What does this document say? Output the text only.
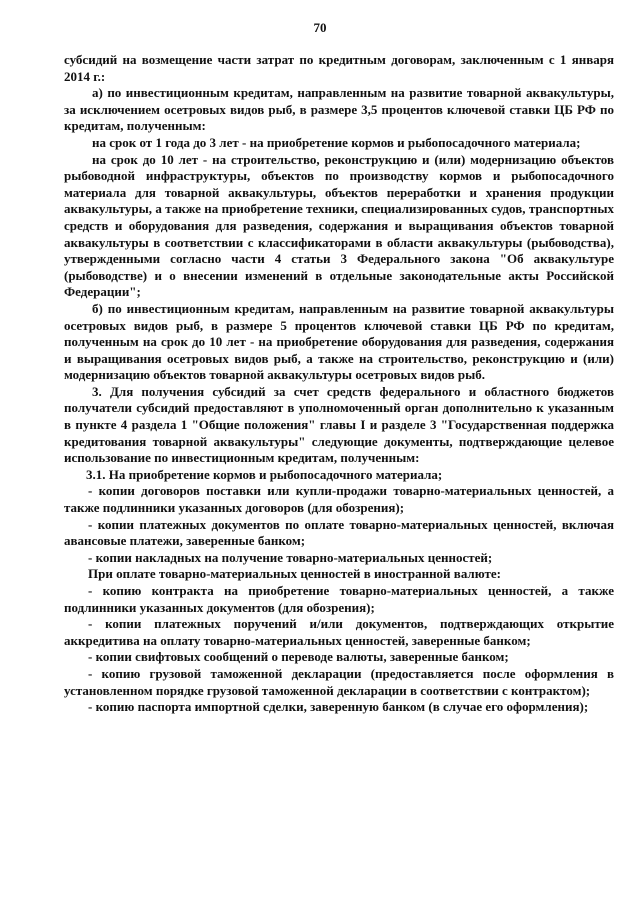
70

субсидий на возмещение части затрат по кредитным договорам, заключенным с 1 января 2014 г.:

а) по инвестиционным кредитам, направленным на развитие товарной аквакультуры, за исключением осетровых видов рыб, в размере 3,5 процентов ключевой ставки ЦБ РФ по кредитам, полученным:

на срок от 1 года до 3 лет - на приобретение кормов и рыбопосадочного материала;

на срок до 10 лет - на строительство, реконструкцию и (или) модернизацию объектов рыбоводной инфраструктуры, объектов по производству кормов и рыбопосадочного материала для товарной аквакультуры, объектов переработки и хранения продукции аквакультуры, а также на приобретение техники, специализированных судов, транспортных средств и оборудования для разведения, содержания и выращивания объектов товарной аквакультуры в соответствии с классификаторами в области аквакультуры (рыбоводства), утвержденными согласно части 4 статьи 3 Федерального закона "Об аквакультуре (рыбоводстве) и о внесении изменений в отдельные законодательные акты Российской Федерации";

б) по инвестиционным кредитам, направленным на развитие товарной аквакультуры осетровых видов рыб, в размере 5 процентов ключевой ставки ЦБ РФ по кредитам, полученным на срок до 10 лет - на приобретение оборудования для разведения, содержания и выращивания осетровых видов рыб, а также на строительство, реконструкцию и (или) модернизацию объектов товарной аквакультуры осетровых видов рыб.

3. Для получения субсидий за счет средств федерального и областного бюджетов получатели субсидий предоставляют в уполномоченный орган дополнительно к указанным в пункте 4 раздела 1 "Общие положения" главы I и разделе 3 "Государственная поддержка кредитования товарной аквакультуры" следующие документы, подтверждающие целевое использование по инвестиционным кредитам, полученным:

3.1. На приобретение кормов и рыбопосадочного материала;

- копии договоров поставки или купли-продажи товарно-материальных ценностей, а также подлинники указанных договоров (для обозрения);

- копии платежных документов по оплате товарно-материальных ценностей, включая авансовые платежи, заверенные банком;

- копии накладных на получение товарно-материальных ценностей;

При оплате товарно-материальных ценностей в иностранной валюте:

- копию контракта на приобретение товарно-материальных ценностей, а также подлинники указанных документов (для обозрения);

- копии платежных поручений и/или документов, подтверждающих открытие аккредитива на оплату товарно-материальных ценностей, заверенные банком;

- копии свифтовых сообщений о переводе валюты, заверенные банком;

- копию грузовой таможенной декларации (предоставляется после оформления в установленном порядке грузовой таможенной декларации в соответствии с контрактом);

- копию паспорта импортной сделки, заверенную банком (в случае его оформления);
